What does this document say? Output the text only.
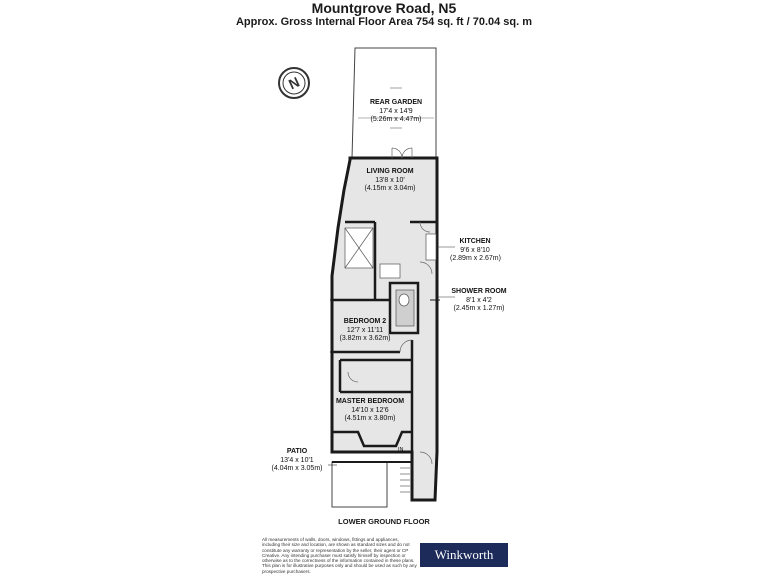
Mountgrove Road, N5
Approx. Gross Internal Floor Area 754 sq. ft / 70.04 sq. m
N
IN
REAR GARDEN
17'4 x 14'9
(5.26m x 4.47m)
LIVING ROOM
13'8 x 10'
(4.15m x 3.04m)
KITCHEN
9'6 x 8'10
(2.89m x 2.67m)
SHOWER ROOM
8'1 x 4'2
(2.45m x 1.27m)
BEDROOM 2
12'7 x 11'11
(3.82m x 3.62m)
MASTER BEDROOM
14'10 x 12'6
(4.51m x 3.80m)
PATIO
13'4 x 10'1
(4.04m x 3.05m)
LOWER GROUND FLOOR
All measurements of walls, doors, windows, fittings and appliances, including their size and location, are shown as standard sizes and do not constitute any warranty or representation by the seller, their agent or CP Creative. Any intending purchaser must satisfy himself by inspection or otherwise as to the correctness of the information contained in these plans. This plan is for illustrative purposes only and should be used as such by any prospective purchasers.
Winkworth
